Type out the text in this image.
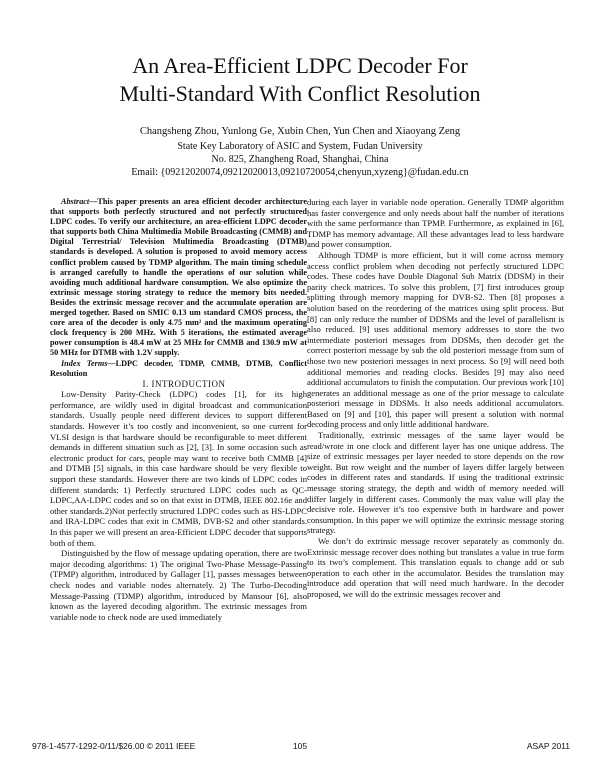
An Area-Efficient LDPC Decoder For
Multi-Standard With Conflict Resolution
Changsheng Zhou, Yunlong Ge, Xubin Chen, Yun Chen and Xiaoyang Zeng
State Key Laboratory of ASIC and System, Fudan University
No. 825, Zhangheng Road, Shanghai, China
Email: {09212020074,09212020013,09210720054,chenyun,xyzeng}@fudan.edu.cn

Abstract—This paper presents an area efficient decoder architecture that supports both perfectly structured and not perfectly structured LDPC codes. To verify our architecture, an area-efficient LDPC decoder that supports both China Multimedia Mobile Broadcasting (CMMB) and Digital Terrestrial/ Television Multimedia Broadcasting (DTMB) standards is developed. A solution is proposed to avoid memory access conflict problem caused by TDMP algorithm. The main timing schedule is arranged carefully to handle the operations of our solution while avoiding much additional hardware consumption. We also optimize the extrinsic message storing strategy to reduce the memory bits needed. Besides the extrinsic message recover and the accumulate operation are merged together. Based on SMIC 0.13 um standard CMOS process, the core area of the decoder is only 4.75 mm² and the maximum operating clock frequency is 200 MHz. With 5 iterations, the estimated average power consumption is 48.4 mW at 25 MHz for CMMB and 130.9 mW at 50 MHz for DTMB with 1.2V supply.

Index Terms—LDPC decoder, TDMP, CMMB, DTMB, Conflict Resolution

I. INTRODUCTION

Low-Density Parity-Check (LDPC) codes [1], for its high performance, are wildly used in digital broadcast and communication standards. Usually people need different devices to support different standards. However it’s too costly and inconvenient, so one current for VLSI design is that hardware should be reconfigurable to meet different demands in different situation such as [2], [3]. In some occasion such as electronic product for cars, people may want to receive both CMMB [4] and DTMB [5] signals, in this case hardware should be very flexible to support these standards. However there are two kinds of LDPC codes in different standards: 1) Perfectly structured LDPC codes such as QC-LDPC,AA-LDPC codes and so on that exist in DTMB, IEEE 802.16e and other standards.2)Not perfectly structured LDPC codes such as HS-LDPC and IRA-LDPC codes that exit in CMMB, DVB-S2 and other standards. In this paper we will present an area-Efficient LDPC decoder that supports both of them.

Distinguished by the flow of message updating operation, there are two major decoding algorithms: 1) The original Two-Phase Message-Passing (TPMP) algorithm, introduced by Gallager [1], passes messages between check nodes and variable nodes alternately. 2) The Turbo-Decoding Message-Passing (TDMP) algorithm, introduced by Mansour [6], also known as the layered decoding algorithm. The extrinsic messages from variable node to check node are used immediately

during each layer in variable node operation. Generally TDMP algorithm has faster convergence and only needs about half the number of iterations with the same performance than TPMP. Furthermore, as explained in [6], TDMP has memory advantage. All these advantages lead to less hardware and power consumption.

Although TDMP is more efficient, but it will come across memory access conflict problem when decoding not perfectly structured LDPC codes. These codes have Double Diagonal Sub Matrix (DDSM) in their parity check matrices. To solve this problem, [7] first introduces group splitting through memory mapping for DVB-S2. Then [8] proposes a solution based on the reordering of the matrices using split process. But [8] can only reduce the number of DDSMs and the level of parallelism is also reduced. [9] uses additional memory addresses to store the two intermediate posteriori messages from DDSMs, then decoder get the correct posteriori message by sub the old posteriori message from sum of those two new posteriori messages in next process. So [9] will need both additional memories and reading clocks. Besides [9] may also need additional accumulators to finish the computation. Our previous work [10] generates an additional message as one of the prior message to calculate posteriori message in DDSMs. It also needs additional accumulators. Based on [9] and [10], this paper will present a solution with normal decoding process and only little additional hardware.

Traditionally, extrinsic messages of the same layer would be read/wrote in one clock and different layer has one unique address. The size of extrinsic messages per layer needed to store depends on the row weight. But row weight and the number of layers differ largely between codes in different rates and standards. If using the traditional extrinsic message storing strategy, the depth and width of memory needed will differ largely in different cases. Commonly the max value will play the decisive role. However it’s too expensive both in hardware and power consumption. In this paper we will optimize the extrinsic message storing strategy.

We don’t do extrinsic message recover separately as commonly do. Extrinsic message recover does nothing but translates a value in true form to its two’s complement. This translation equals to change add or sub operation to each other in the accumulator. Besides the translation may introduce add operation that will need much hardware. In the decoder proposed, we will do the extrinsic messages recover and

978-1-4577-1292-0/11/$26.00 © 2011 IEEE	105	ASAP 2011
